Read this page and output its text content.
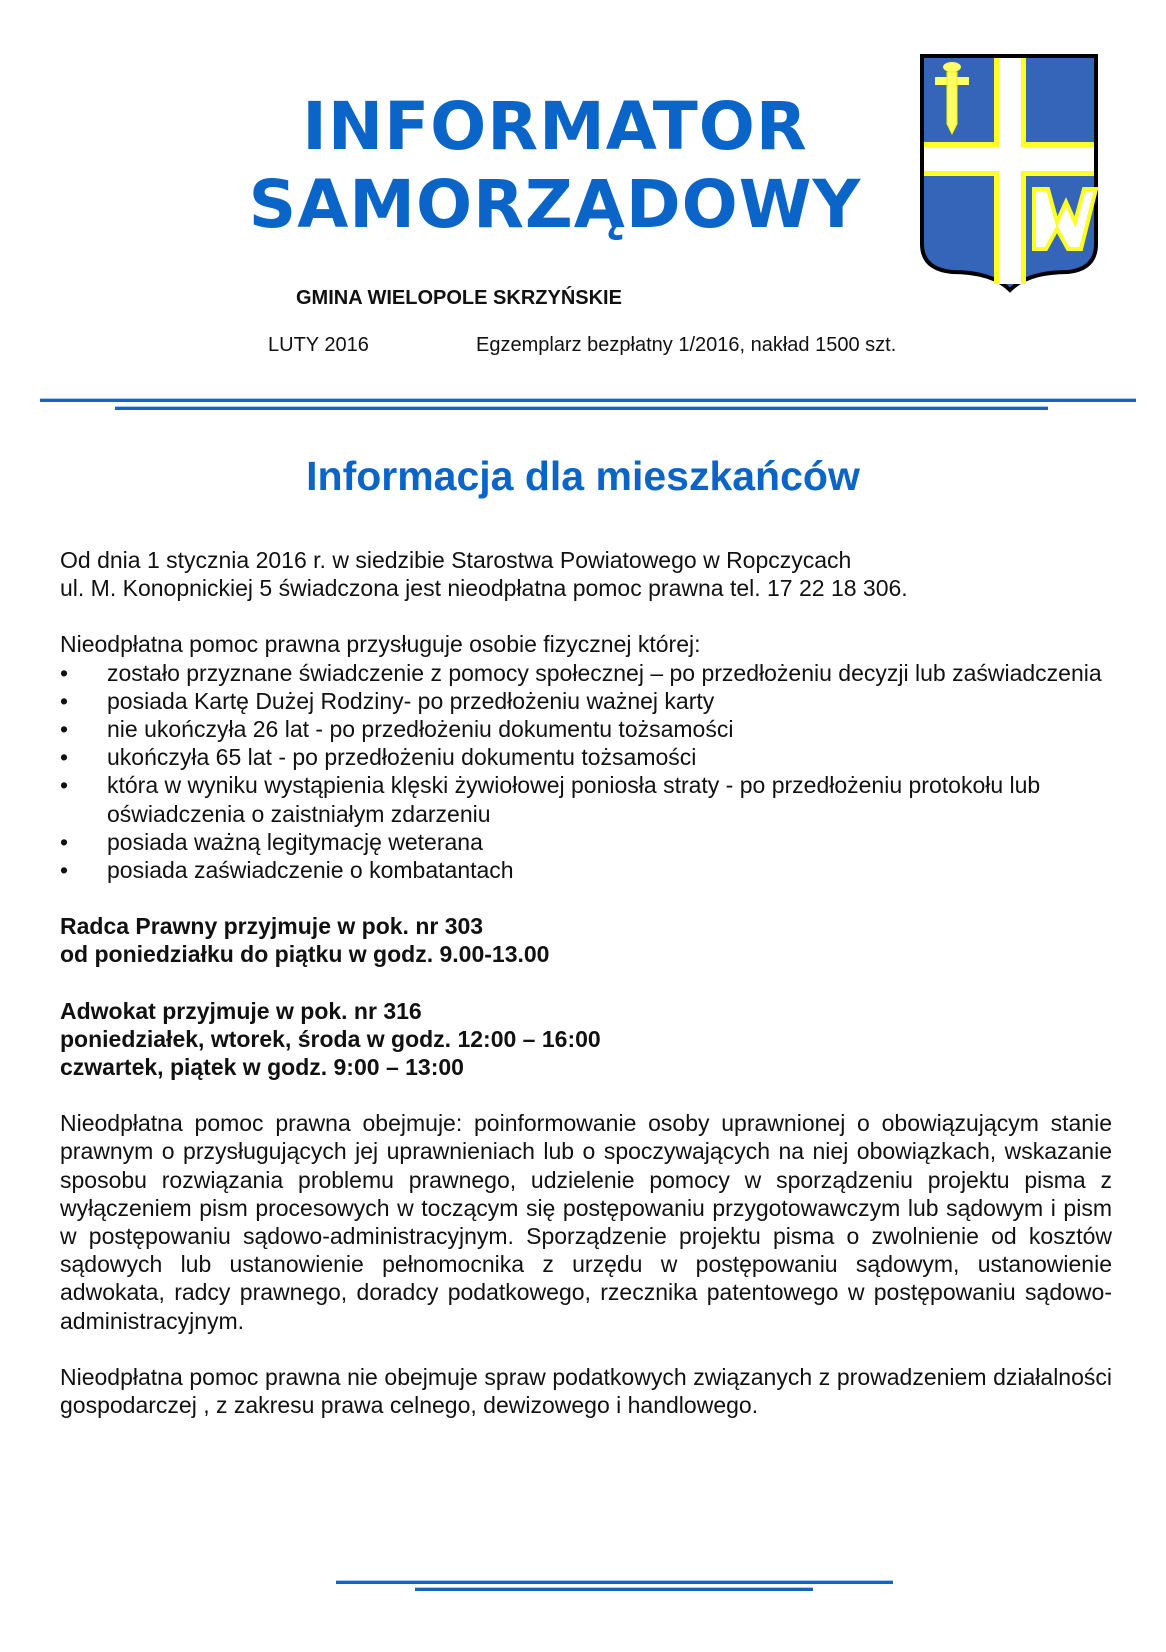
INFORMATOR
SAMORZĄDOWY
GMINA WIELOPOLE SKRZYŃSKIE
LUTY 2016	Egzemplarz bezpłatny 1/2016, nakład 1500 szt.
Informacja dla mieszkańców

Od dnia 1 stycznia 2016 r. w siedzibie Starostwa Powiatowego w Ropczycach

ul. M. Konopnickiej 5 świadczona jest nieodpłatna pomoc prawna tel. 17 22 18 306.

Nieodpłatna pomoc prawna przysługuje osobie fizycznej której:

• zostało przyznane świadczenie z pomocy społecznej – po przedłożeniu decyzji lub zaświadczenia
• posiada Kartę Dużej Rodziny- po przedłożeniu ważnej karty
• nie ukończyła 26 lat - po przedłożeniu dokumentu tożsamości
• ukończyła 65 lat - po przedłożeniu dokumentu tożsamości
• która w wyniku wystąpienia klęski żywiołowej poniosła straty - po przedłożeniu protokołu lub oświadczenia o zaistniałym zdarzeniu
• posiada ważną legitymację weterana
• posiada zaświadczenie o kombatantach

Radca Prawny przyjmuje w pok. nr 303

od poniedziałku do piątku w godz. 9.00-13.00

Adwokat przyjmuje w pok. nr 316

poniedziałek, wtorek, środa w godz. 12:00 – 16:00

czwartek, piątek w godz. 9:00 – 13:00

Nieodpłatna pomoc prawna obejmuje: poinformowanie osoby uprawnionej o obowiązującym stanie prawnym o przysługujących jej uprawnieniach lub o spoczywających na niej obowiązkach, wskazanie sposobu rozwiązania problemu prawnego, udzielenie pomocy w sporządzeniu projektu pisma z wyłączeniem pism procesowych w toczącym się postępowaniu przygotowawczym lub sądowym i pism w postępowaniu sądowo-administracyjnym. Sporządzenie projektu pisma o zwolnienie od kosztów sądowych lub ustanowienie pełnomocnika z urzędu w postępowaniu sądowym, ustanowienie adwokata, radcy prawnego, doradcy podatkowego, rzecznika patentowego w postępowaniu sądowo-administracyjnym.

Nieodpłatna pomoc prawna nie obejmuje spraw podatkowych związanych z prowadzeniem działalności gospodarczej , z zakresu prawa celnego, dewizowego i handlowego.
